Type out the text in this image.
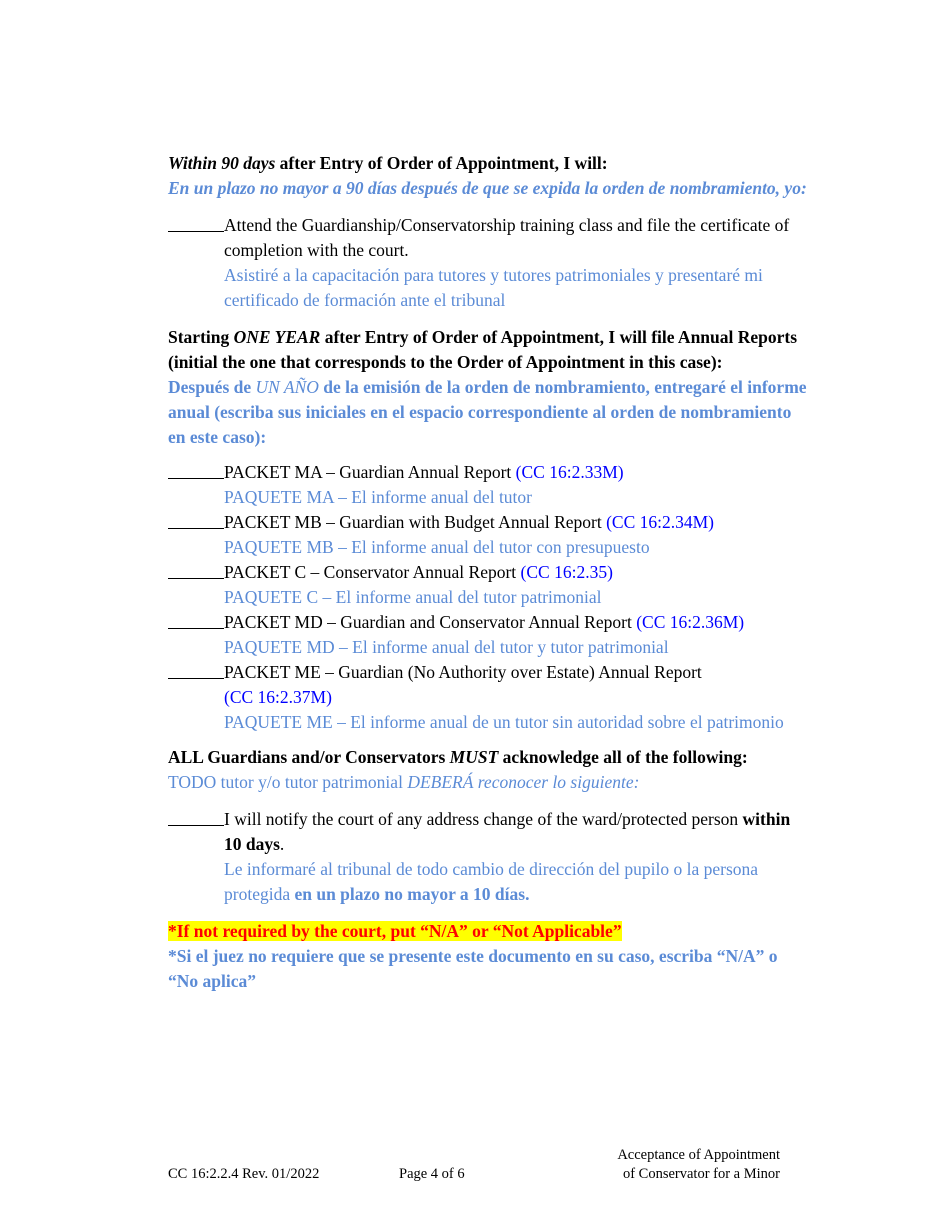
Within 90 days after Entry of Order of Appointment, I will:

En un plazo no mayor a 90 días después de que se expida la orden de nombramiento, yo:

Attend the Guardianship/Conservatorship training class and file the certificate of completion with the court.
Asistiré a la capacitación para tutores y tutores patrimoniales y presentaré mi certificado de formación ante el tribunal

Starting ONE YEAR after Entry of Order of Appointment, I will file Annual Reports (initial the one that corresponds to the Order of Appointment in this case):

Después de UN AÑO de la emisión de la orden de nombramiento, entregaré el informe anual (escriba sus iniciales en el espacio correspondiente al orden de nombramiento en este caso):

PACKET MA – Guardian Annual Report (CC 16:2.33M)
PAQUETE MA – El informe anual del tutor
PACKET MB – Guardian with Budget Annual Report (CC 16:2.34M)
PAQUETE MB – El informe anual del tutor con presupuesto
PACKET C – Conservator Annual Report (CC 16:2.35)
PAQUETE C – El informe anual del tutor patrimonial
PACKET MD – Guardian and Conservator Annual Report (CC 16:2.36M)
PAQUETE MD – El informe anual del tutor y tutor patrimonial
PACKET ME – Guardian (No Authority over Estate) Annual Report
(CC 16:2.37M)
PAQUETE ME – El informe anual de un tutor sin autoridad sobre el patrimonio

ALL Guardians and/or Conservators MUST acknowledge all of the following:

TODO tutor y/o tutor patrimonial DEBERÁ reconocer lo siguiente:

I will notify the court of any address change of the ward/protected person within 10 days.
Le informaré al tribunal de todo cambio de dirección del pupilo o la persona protegida en un plazo no mayor a 10 días.

*If not required by the court, put “N/A” or “Not Applicable”

*Si el juez no requiere que se presente este documento en su caso, escriba “N/A” o “No aplica”

CC 16:2.2.4 Rev. 01/2022	Page 4 of 6
Acceptance of Appointment
of Conservator for a Minor
